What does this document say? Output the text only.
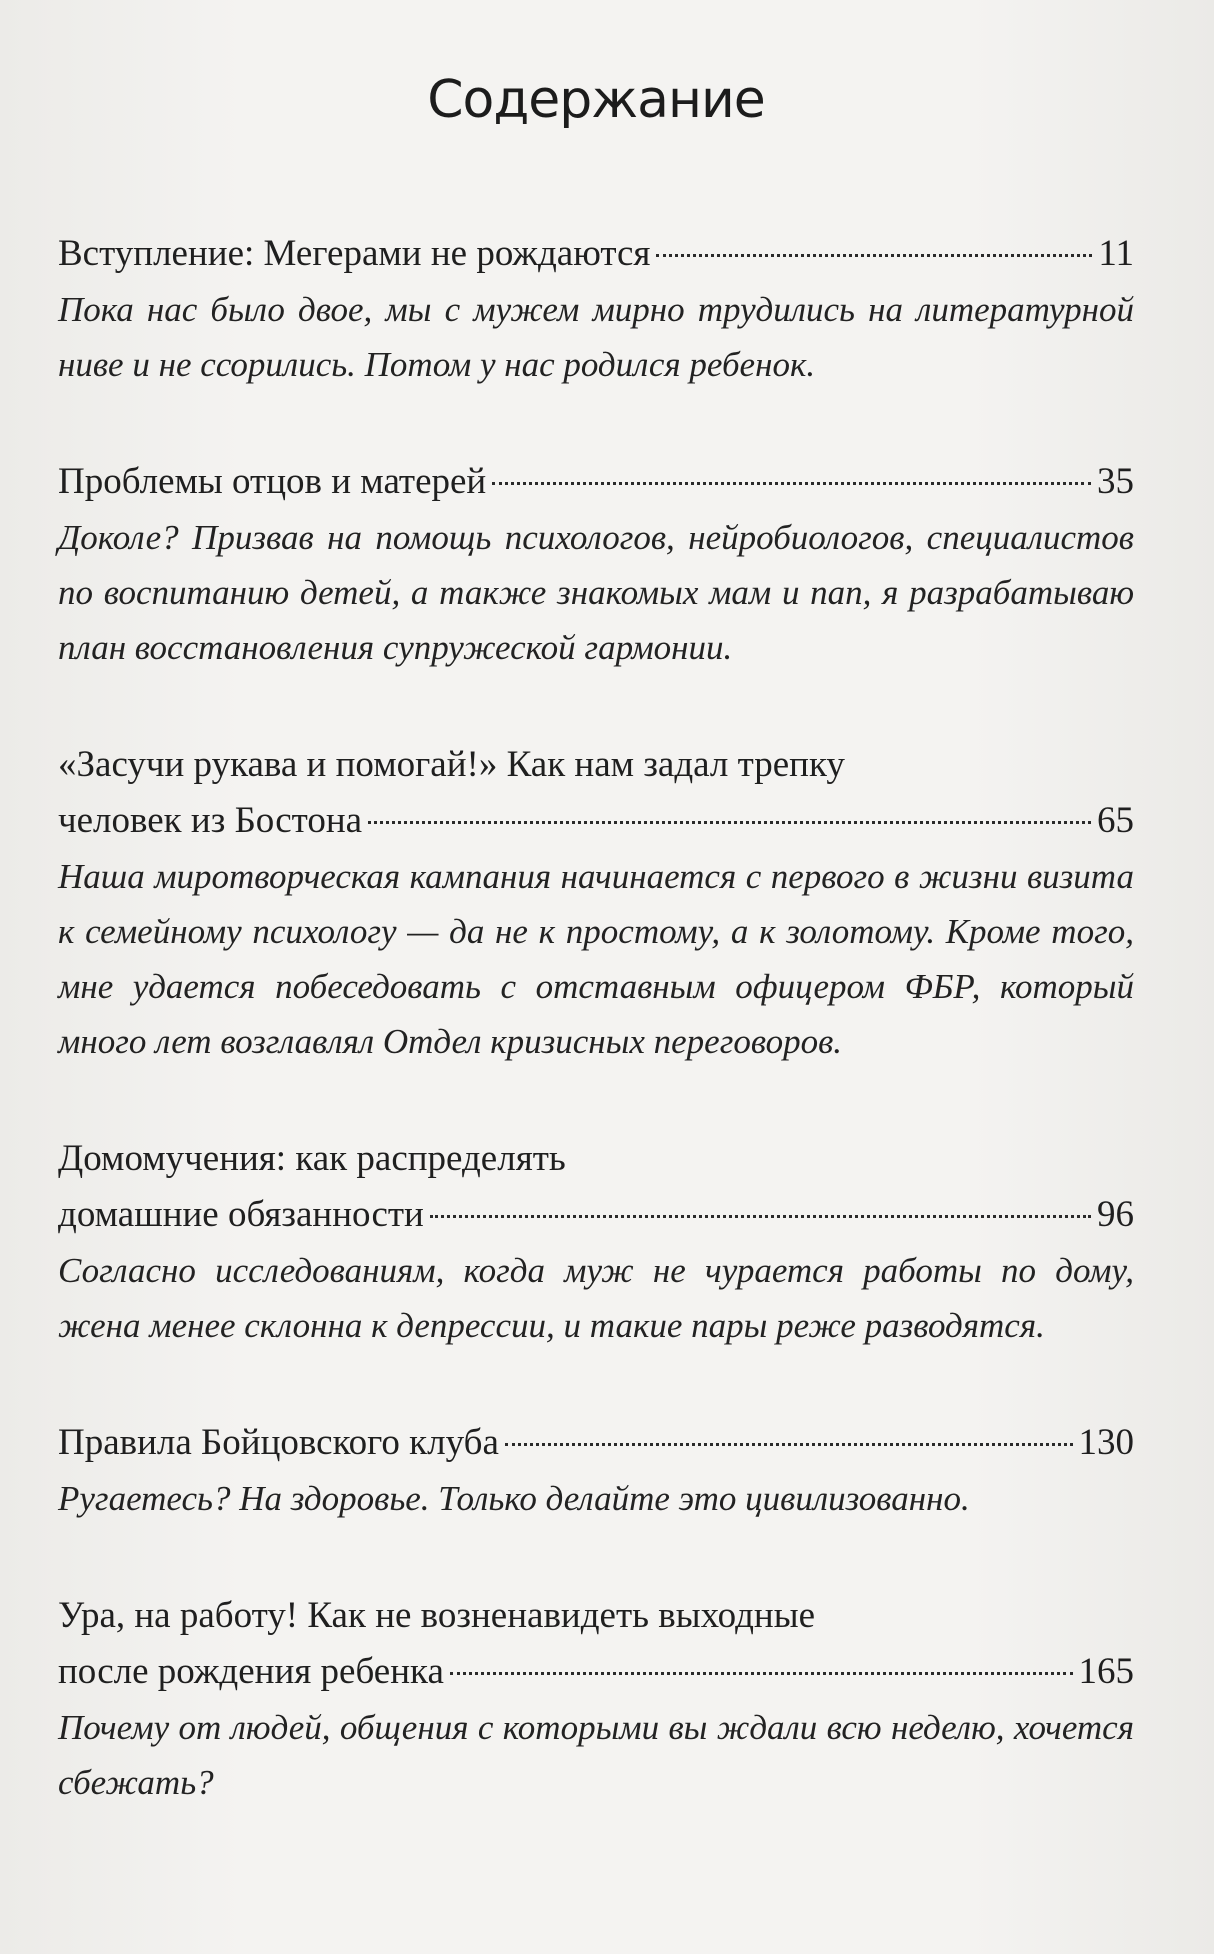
Содержание
Вступление: Мегерами не рождаются	11

Пока нас было двое, мы с мужем мирно трудились на литературной ниве и не ссорились. Потом у нас родился ребенок.

Проблемы отцов и матерей	35

Доколе? Призвав на помощь психологов, нейробиологов, специалистов по воспитанию детей, а также знакомых мам и пап, я разрабатываю план восстановления супружеской гармонии.

«Засучи рукава и помогай!» Как нам задал трепку
человек из Бостона	65

Наша миротворческая кампания начинается с первого в жизни визита к семейному психологу — да не к простому, а к золотому. Кроме того, мне удается побеседовать с отставным офицером ФБР, который много лет возглавлял Отдел кризисных переговоров.

Домомучения: как распределять
домашние обязанности	96

Согласно исследованиям, когда муж не чурается работы по дому, жена менее склонна к депрессии, и такие пары реже разводятся.

Правила Бойцовского клуба	130

Ругаетесь? На здоровье. Только делайте это цивилизованно.

Ура, на работу! Как не возненавидеть выходные
после рождения ребенка	165

Почему от людей, общения с которыми вы ждали всю неделю, хочется сбежать?
